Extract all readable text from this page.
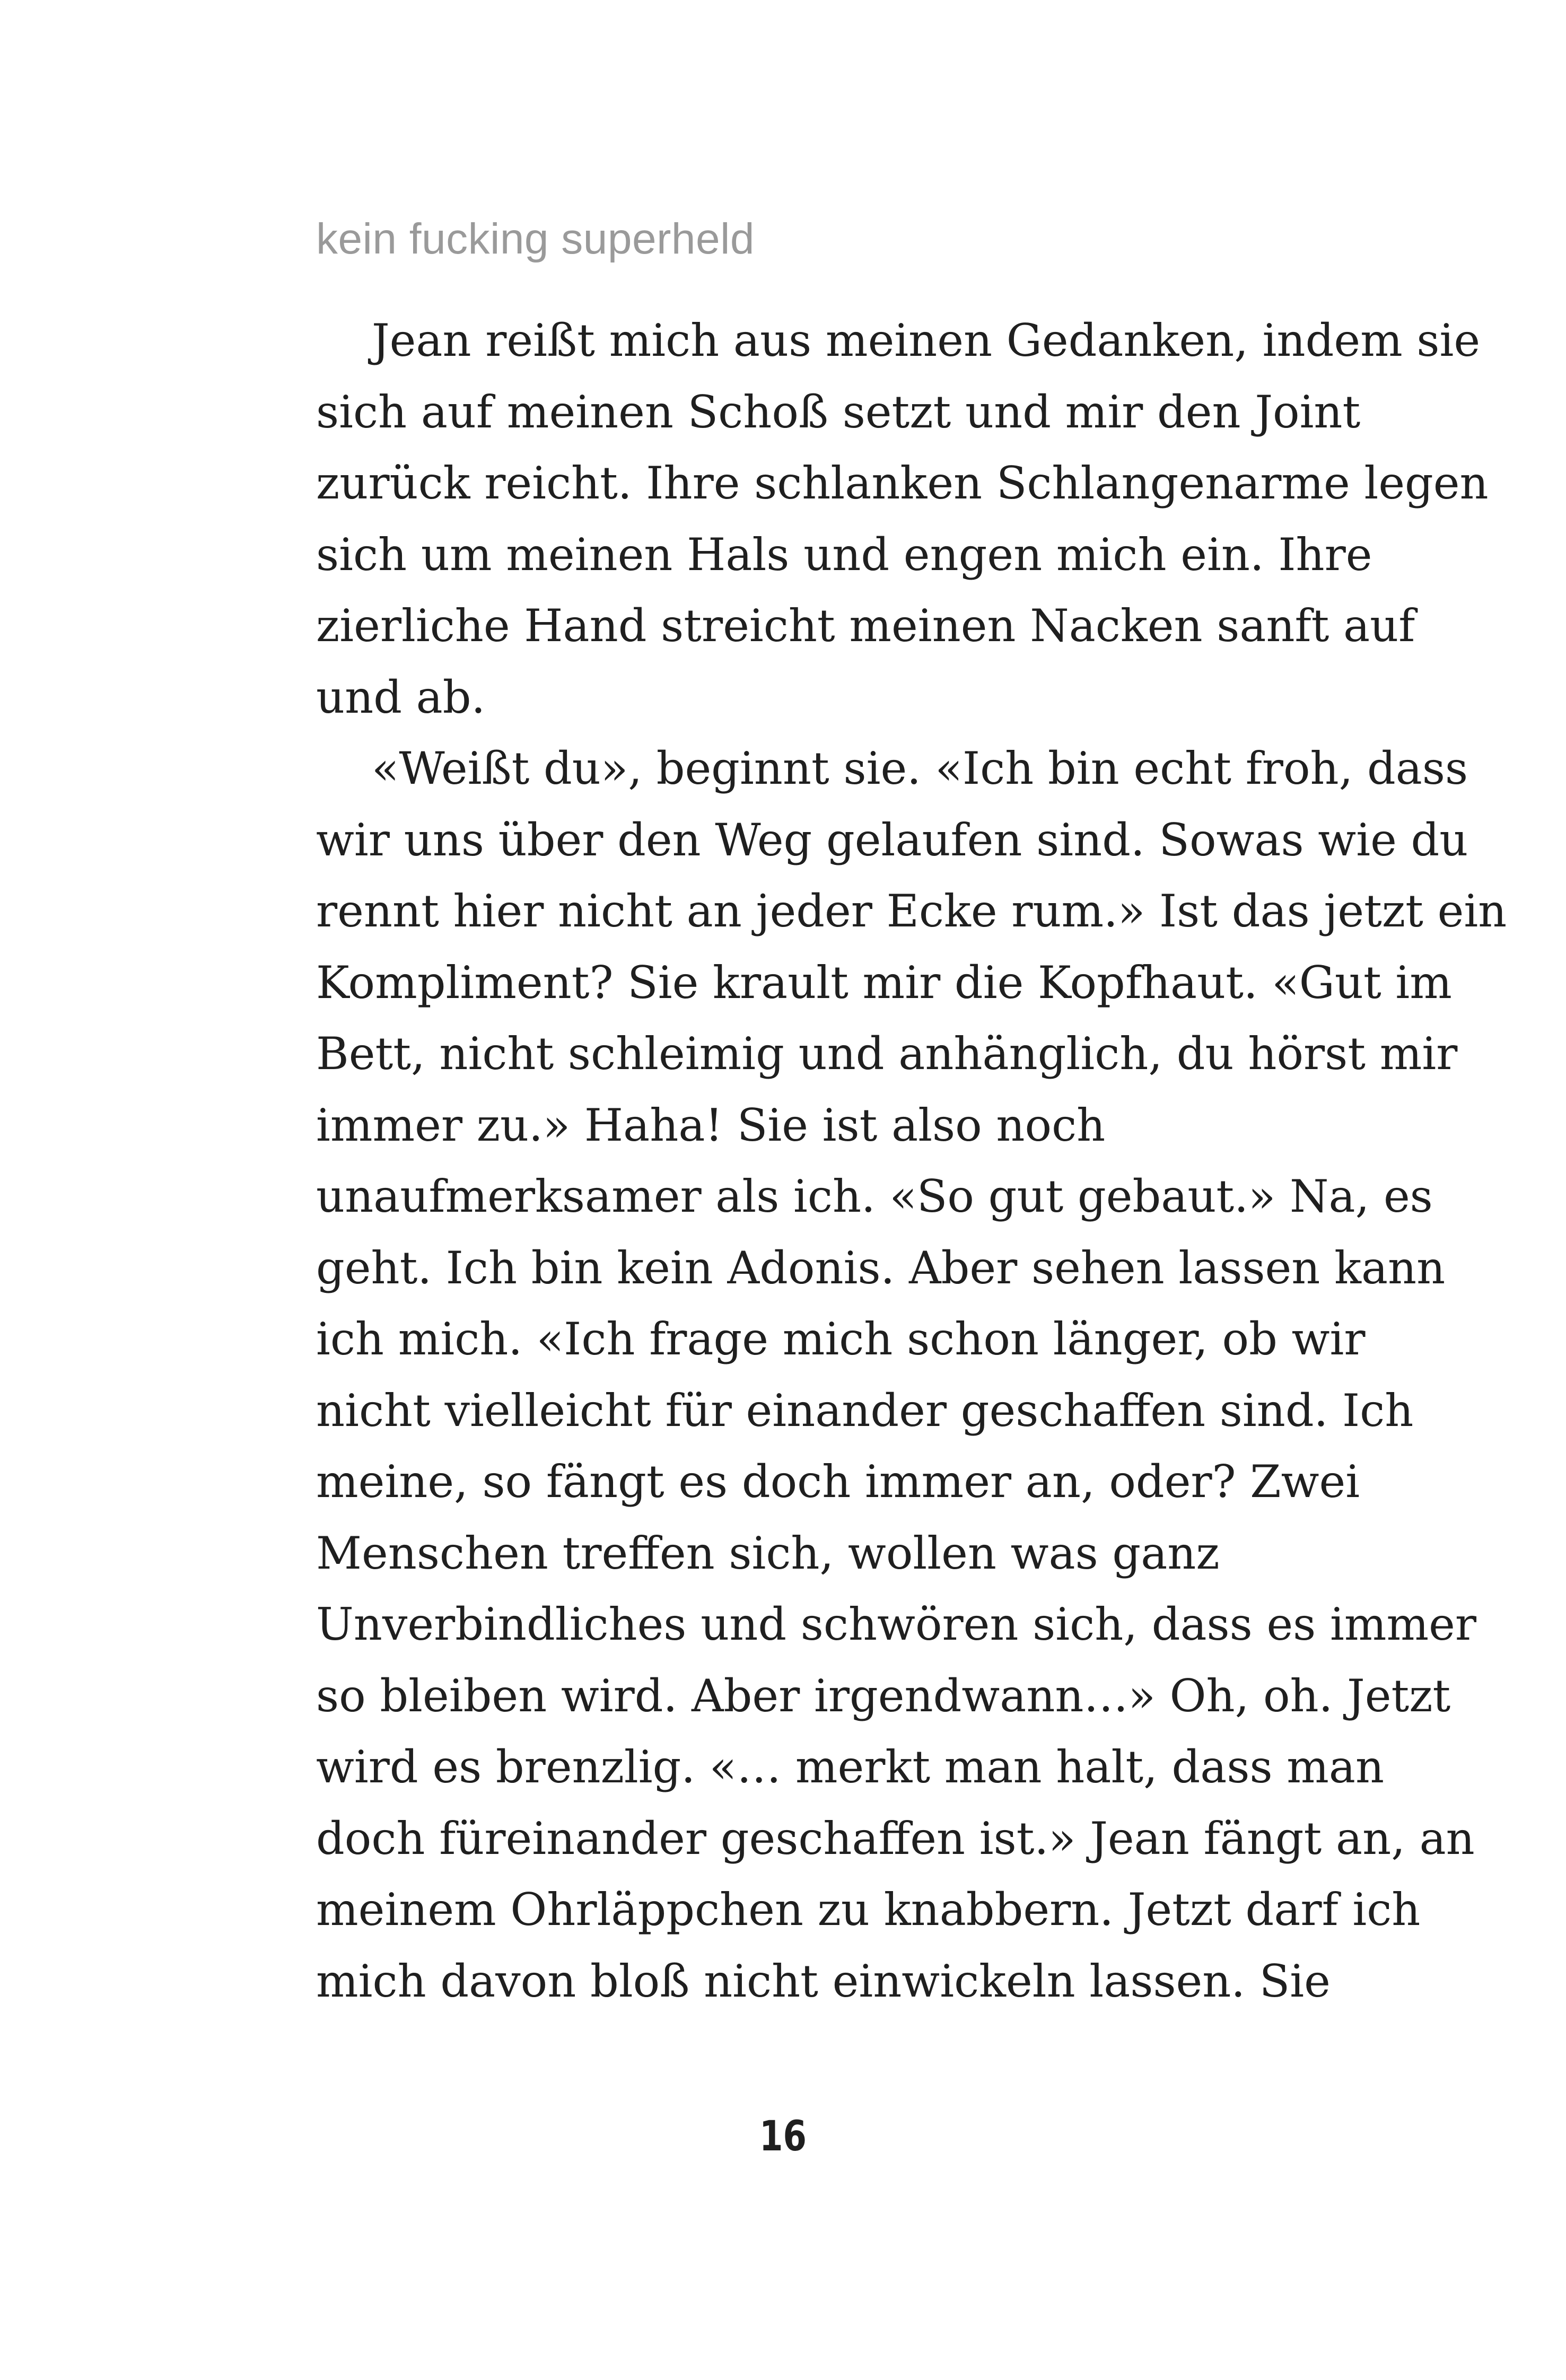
kein fucking superheld
Jean reißt mich aus meinen Gedanken, indem sie
sich auf meinen Schoß setzt und mir den Joint
zurück reicht. Ihre schlanken Schlangenarme legen
sich um meinen Hals und engen mich ein. Ihre
zierliche Hand streicht meinen Nacken sanft auf
und ab.
«Weißt du», beginnt sie. «Ich bin echt froh, dass
wir uns über den Weg gelaufen sind. Sowas wie du
rennt hier nicht an jeder Ecke rum.» Ist das jetzt ein
Kompliment? Sie krault mir die Kopfhaut. «Gut im
Bett, nicht schleimig und anhänglich, du hörst mir
immer zu.» Haha! Sie ist also noch
unaufmerksamer als ich. «So gut gebaut.» Na, es
geht. Ich bin kein Adonis. Aber sehen lassen kann
ich mich. «Ich frage mich schon länger, ob wir
nicht vielleicht für einander geschaffen sind. Ich
meine, so fängt es doch immer an, oder? Zwei
Menschen treffen sich, wollen was ganz
Unverbindliches und schwören sich, dass es immer
so bleiben wird. Aber irgendwann…» Oh, oh. Jetzt
wird es brenzlig. «… merkt man halt, dass man
doch füreinander geschaffen ist.» Jean fängt an, an
meinem Ohrläppchen zu knabbern. Jetzt darf ich
mich davon bloß nicht einwickeln lassen. Sie
16
